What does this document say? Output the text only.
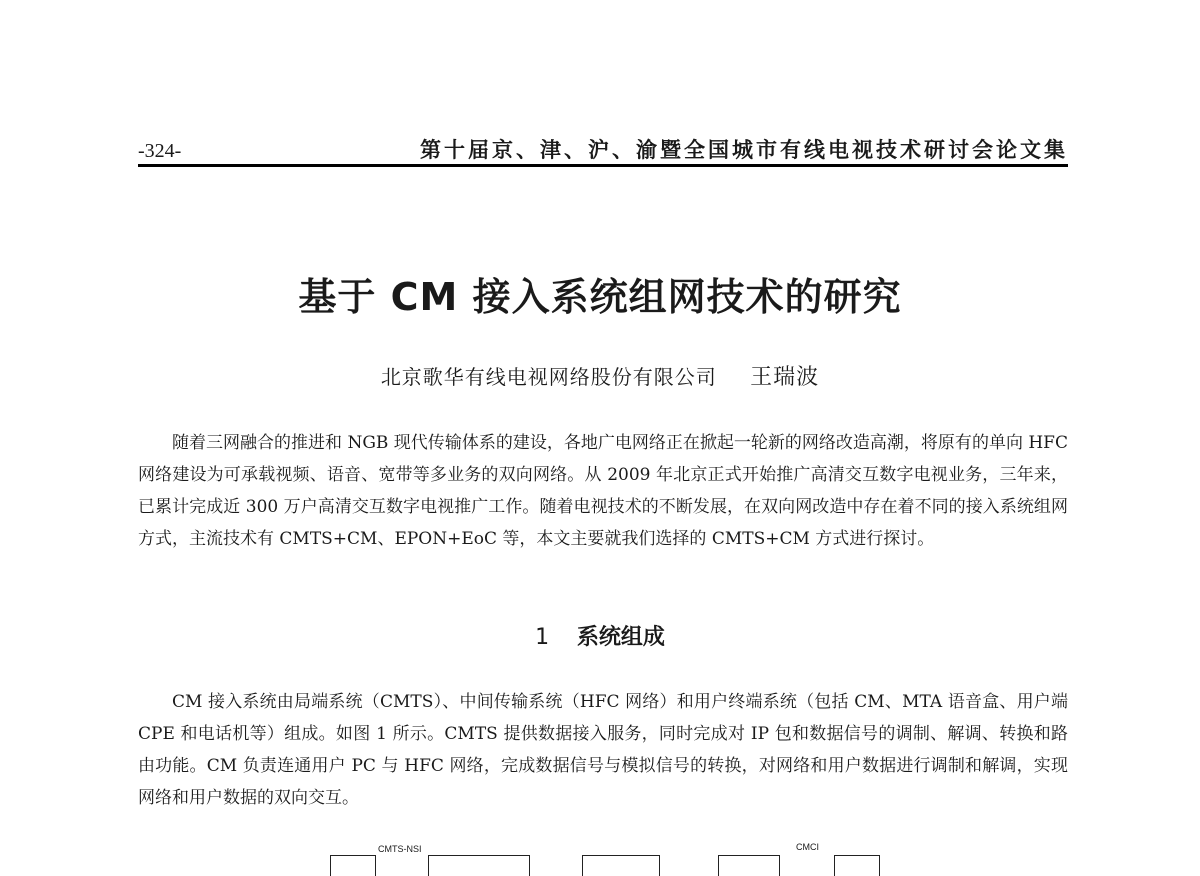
-324-	第十届京、津、沪、渝暨全国城市有线电视技术研讨会论文集
基于 CM 接入系统组网技术的研究
北京歌华有线电视网络股份有限公司 王瑞波

随着三网融合的推进和 NGB 现代传输体系的建设，各地广电网络正在掀起一轮新的网络改造高潮，将原有的单向 HFC 网络建设为可承载视频、语音、宽带等多业务的双向网络。从 2009 年北京正式开始推广高清交互数字电视业务，三年来，已累计完成近 300 万户高清交互数字电视推广工作。随着电视技术的不断发展，在双向网改造中存在着不同的接入系统组网方式，主流技术有 CMTS+CM、EPON+EoC 等，本文主要就我们选择的 CMTS+CM 方式进行探讨。

1 系统组成

CM 接入系统由局端系统（CMTS）、中间传输系统（HFC 网络）和用户终端系统（包括 CM、MTA 语音盒、用户端 CPE 和电话机等）组成。如图 1 所示。CMTS 提供数据接入服务，同时完成对 IP 包和数据信号的调制、解调、转换和路由功能。CM 负责连通用户 PC 与 HFC 网络，完成数据信号与模拟信号的转换，对网络和用户数据进行调制和解调，实现网络和用户数据的双向交互。

CMTS-NSI	CMCI
